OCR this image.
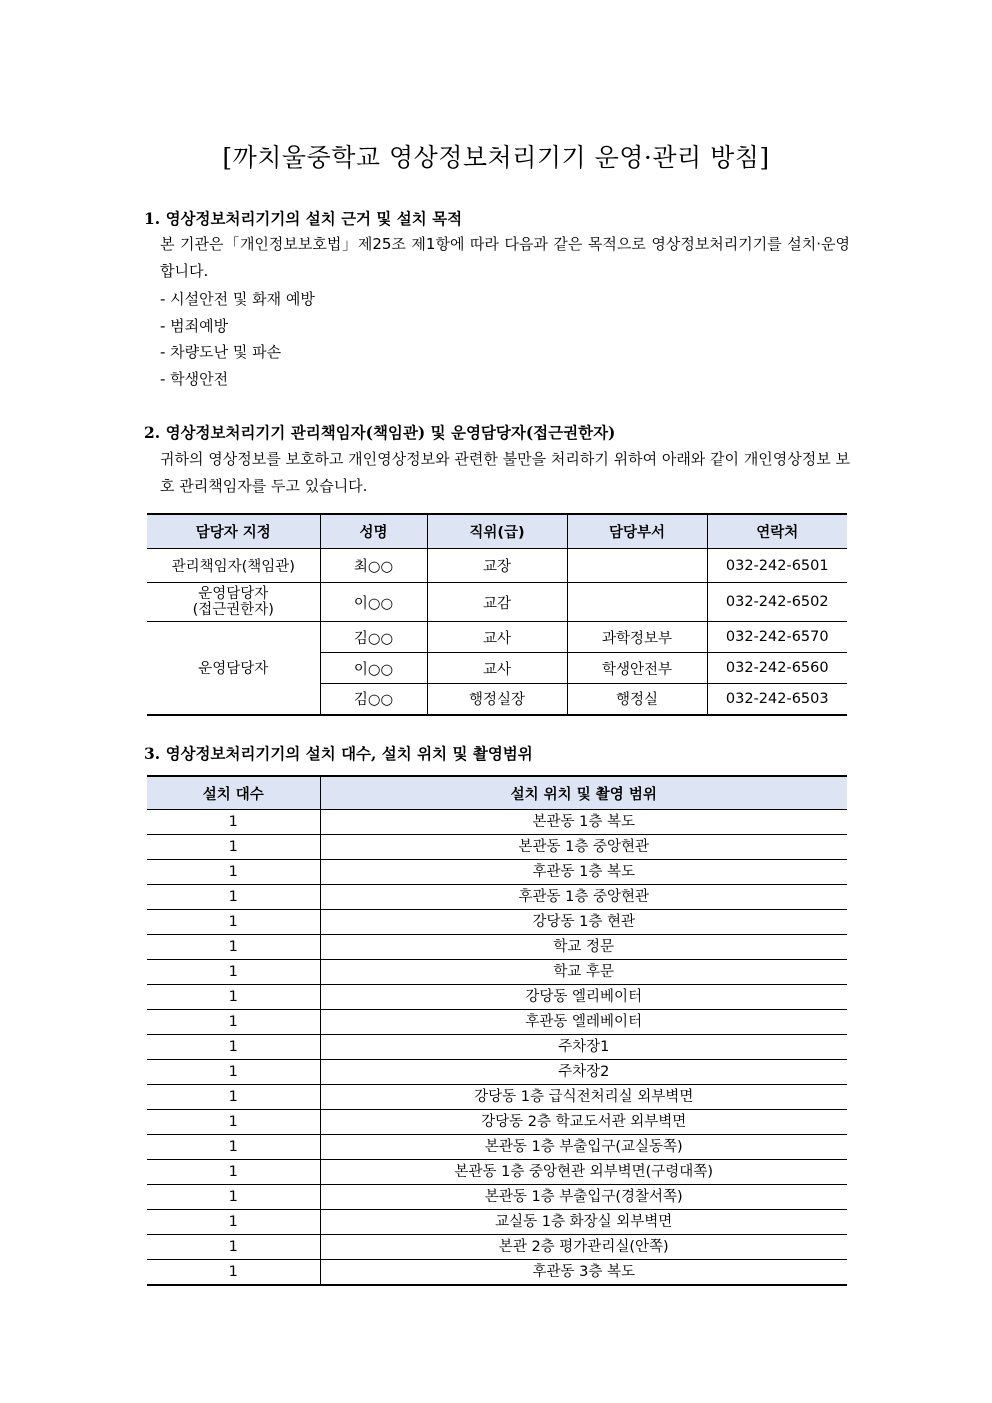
[까치울중학교 영상정보처리기기 운영·관리 방침]
1. 영상정보처리기기의 설치 근거 및 설치 목적
본 기관은「개인정보보호법」제25조 제1항에 따라 다음과 같은 목적으로 영상정보처리기기를 설치·운영합니다.
- 시설안전 및 화재 예방
- 범죄예방
- 차량도난 및 파손
- 학생안전
2. 영상정보처리기기 관리책임자(책임관) 및 운영담당자(접근권한자)
귀하의 영상정보를 보호하고 개인영상정보와 관련한 불만을 처리하기 위하여 아래와 같이 개인영상정보 보호 관리책임자를 두고 있습니다.
담당자 지정	성명	직위(급)	담당부서	연락처
관리책임자(책임관)	최○○	교장		032-242-6501

운영담당자
(접근권한자)	이○○	교감		032-242-6502
운영담당자	김○○	교사	과학정보부	032-242-6570
	이○○	교사	학생안전부	032-242-6560
	김○○	행정실장	행정실	032-242-6503
3. 영상정보처리기기의 설치 대수, 설치 위치 및 촬영범위
설치 대수	설치 위치 및 촬영 범위
1	본관동 1층 복도
1	본관동 1층 중앙현관
1	후관동 1층 복도
1	후관동 1층 중앙현관
1	강당동 1층 현관
1	학교 정문
1	학교 후문
1	강당동 엘리베이터
1	후관동 엘레베이터
1	주차장1
1	주차장2
1	강당동 1층 급식전처리실 외부벽면
1	강당동 2층 학교도서관 외부벽면
1	본관동 1층 부출입구(교실동쪽)
1	본관동 1층 중앙현관 외부벽면(구령대쪽)
1	본관동 1층 부출입구(경찰서쪽)
1	교실동 1층 화장실 외부벽면
1	본관 2층 평가관리실(안쪽)
1	후관동 3층 복도
